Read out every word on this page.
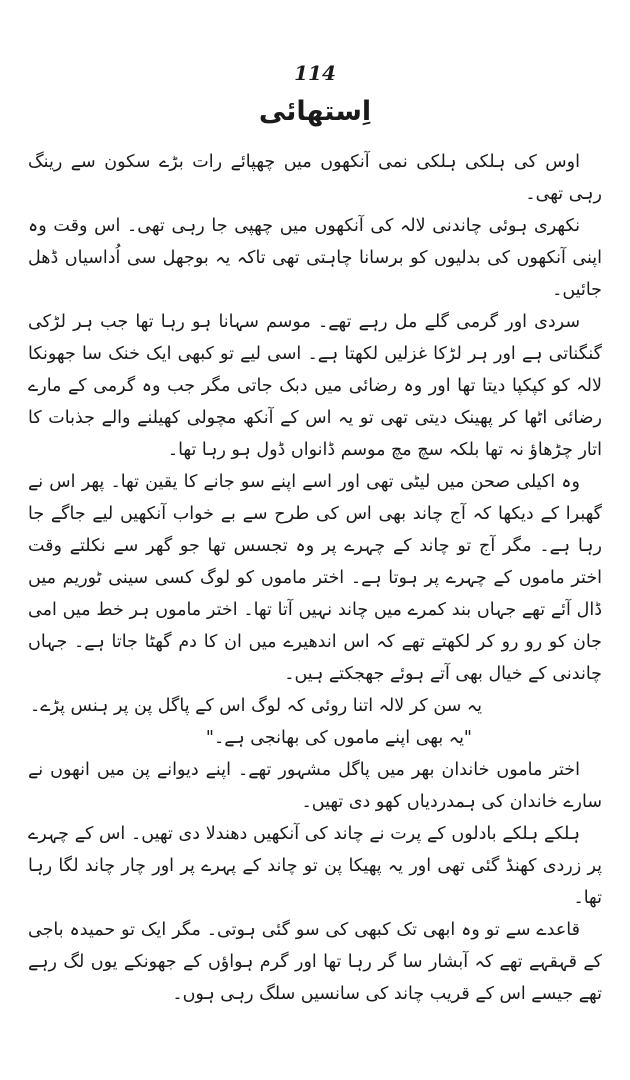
114
اِستھائی

اوس کی ہلکی ہلکی نمی آنکھوں میں چھپائے رات بڑے سکون سے رینگ رہی تھی۔

نکھری ہوئی چاندنی لالہ کی آنکھوں میں چھپی جا رہی تھی۔ اس وقت وہ اپنی آنکھوں کی بدلیوں کو برسانا چاہتی تھی تاکہ یہ بوجھل سی اُداسیاں ڈھل جائیں۔

سردی اور گرمی گلے مل رہے تھے۔ موسم سہانا ہو رہا تھا جب ہر لڑکی گنگناتی ہے اور ہر لڑکا غزلیں لکھتا ہے۔ اسی لیے تو کبھی ایک خنک سا جھونکا لالہ کو کپکپا دیتا تھا اور وہ رضائی میں دبک جاتی مگر جب وہ گرمی کے مارے رضائی اٹھا کر پھینک دیتی تھی تو یہ اس کے آنکھ مچولی کھیلنے والے جذبات کا اتار چڑھاؤ نہ تھا بلکہ سچ مچ موسم ڈانواں ڈول ہو رہا تھا۔

وہ اکیلی صحن میں لیٹی تھی اور اسے اپنے سو جانے کا یقین تھا۔ پھر اس نے گھبرا کے دیکھا کہ آج چاند بھی اس کی طرح سے بے خواب آنکھیں لیے جاگے جا رہا ہے۔ مگر آج تو چاند کے چہرے پر وہ تجسس تھا جو گھر سے نکلتے وقت اختر ماموں کے چہرے پر ہوتا ہے۔ اختر ماموں کو لوگ کسی سینی ٹوریم میں ڈال آئے تھے جہاں بند کمرے میں چاند نہیں آتا تھا۔ اختر ماموں ہر خط میں امی جان کو رو رو کر لکھتے تھے کہ اس اندھیرے میں ان کا دم گھٹا جاتا ہے۔ جہاں چاندنی کے خیال بھی آتے ہوئے جھجکتے ہیں۔

یہ سن کر لالہ اتنا روئی کہ لوگ اس کے پاگل پن پر ہنس پڑے۔

"یہ بھی اپنے ماموں کی بھانجی ہے۔"

اختر ماموں خاندان بھر میں پاگل مشہور تھے۔ اپنے دیوانے پن میں انھوں نے سارے خاندان کی ہمدردیاں کھو دی تھیں۔

ہلکے ہلکے بادلوں کے پرت نے چاند کی آنکھیں دھندلا دی تھیں۔ اس کے چہرے پر زردی کھنڈ گئی تھی اور یہ پھیکا پن تو چاند کے پہرے پر اور چار چاند لگا رہا تھا۔

قاعدے سے تو وہ ابھی تک کبھی کی سو گئی ہوتی۔ مگر ایک تو حمیدہ باجی کے قہقہے تھے کہ آبشار سا گر رہا تھا اور گرم ہواؤں کے جھونکے یوں لگ رہے تھے جیسے اس کے قریب چاند کی سانسیں سلگ رہی ہوں۔
